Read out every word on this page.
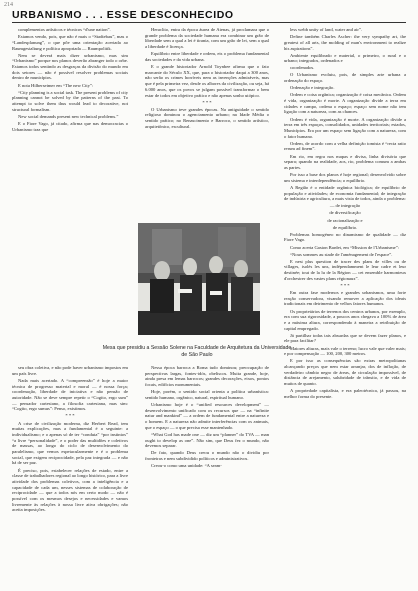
214
URBANISMO . . . ESSE DESCONHECIDO

complementos artísticos e técnicos “d'une nation”.

Estamos vendo, pois, que não é mais o “Stadtebau”, mas o “Landesplanung”, o que põe uma orientação acertada ao Raumgestaltung e política apropriada — Raumpolitik.

Nem se deverá mais dizer urbanismo, mas sim “Orbanismo” porque nos planos deverão abranger todo o orbe. Estamos todos sentindo as desgraças da divisão do mundo em dois setores — não é possível resolver problemas sociais dentro de municípios.

E nota Hilberseimer em “The new City”:

“City planning is a social task. The present problems of city planning cannot be solved by the patterns of the past. To attempt to solve them thus would lead to decorative, not structural formalism.

New social demands present new technical problems.”

E o Fiore Vago, já citado, afirma que nas democracias o Urbanismo traz que

Heraclito, entra da época áurea de Atenas, já proclamara que o grande problema da sociedade humana era combinar um grão de liberdade sem a qual a lei é tirania, com um grão de lei, sem a qual a liberdade é licença.

Equilíbrio entre liberdade e ordem, eis o problema fundamental das sociedades e da vida urbana.

E o grande historiador Arnold Toynbee afirma que o fato marcante do Século XX, que, para o historiador daqui a 300 anos, não serão os crimes horríveis nem as invenções admiráveis, mas que é pela primeira vez, desde os albores da civilização, ou seja, há 6.000 anos, que os povos se julgam possível transformar o bem estar de todos em objetivo prático e não apenas sonho utópico.

* * *

O Urbanismo teve grandes épocas. Na antiguidade o sentido religioso dominou o agenciamento urbano; na Idade Média o sentido prático; no Renascimento e Barroco, o sentido artístico, arquitetônico, escultural.

less webb unity of land, water and air”.

Define também Charles Ascher: the very sympathy art, the greatest of all arts, the molding of man's environment to realize his aspirations”.

Ambiente equilibrado e material, o primeiro, o rural e o urbano; integrados, ordenados e

coordenados.

O Urbanismo evoluiu, pois, de simples arte urbana a ordenação do espaço.

Ordenação e integração.

Ordem e coisa orgânica; organização é coisa mecânica. Ordem é vida, organização é morte. A organização divide a terra em cidades e campo, ordena o espaço; espaço sem nome não tem ligação com a natureza, com as chances.

Ordem é vida, organização é morte. A organização divide a terra em três espaços, consolidados, unidades territoriais; estados, Municípios. Era por um espaço sem ligação com a natureza, com o fator humano.

Ordem, de acordo com a velha definição tomista é “recta ratio rerum ad finem”.

Em rio, em regra nos mapas e divisa, linha divisória que separa; quando na realidade, aos, rio, problema comum a ambas as partes.

Por isso a base dos planos é hoje regional; desenvolvido sobre um sistema e interdependência; o equilíbrio.

A Região é o entidade orgânica biológica; de equilíbrio de população e atividades; de economia fundamental; de integração de indústria e agricultura, a mais vista de todos, ainda o problema:

— de integração

de diversificação

de racionalização e

de equilíbrio.

Problemas homogéneo no dinamismo de qualidade — diz Fiore Vago.

Como acerta Gaston Bardet, em “Mission de l'Urbanisme”:

“Nous sommes au stade de l'aménagement de l'espace”.

E nest plus question de tracer des plans de villes ou de villages, isolés les uns, indépendamment le leur cadre et leur destinée; tout de la lu de la Région — cet ensemble harmonieux d'orchestrer des vastes plans régionaux”.

* * *

Em outra fase modernos e grandes urbanismos, uma forte reação conservadora, visando remover a aplicação dos ideais tradicionais em detrimento de velhos fatores humanos.

Os proprietários de terrenos dos centros urbanos, por exemplo, era com sua rigorosidade, a poucos anos chegava a 100% de área e a máxima altura, correspondendo à maneira a retribuição de capital empregado.

Já partilhar todas tais absurdas que se devem fazer planos, e ele para facilitar?

Maiores alturas, mais vale o terreno; lucro vale que valer mais; e por compensação — 100, 200, 300 metros.

E por isso as consequências são extras metropolitanas alcançando preços que nem estar arranjar, dos de inflação, de verdadeiro câmbio negro de áreas, de circulação impossível, de distância de arejamento, salubridade de trânsito, e de vida de muitos de quanto.

A propriedade capitalista, e era paleotécnica, já passou, na melhor forma do presente.

Mesa que presidiu a Sessão Solene na Faculdade de Arquitetura da Universidade de São Paulo

seu obra coletiva, e não pode haver urbanismo impostos em um país livre.

Nada mais acertado. A “compreensão” é hoje a maior técnica de progresso material e moral — é nossa força; coordenação, liberdade de iniciativa e não pensão de autoridade. Não se deve sempre repetir o “Cogito, ergo sum” — pensador cartesiano, a filosofia cartesiana, mas sim: “Cogito, ergo sumus”: Penso, existimos.

* * *

A crise de civilização moderna, diz Herbert Read, tem muitas explicações, mas a fundamental é a seguinte: a individualismo; e o apenas só de ter “conduta” “por instintos” “a livre “personalidade”, e o poder das multidões e coletivos de massas, ao longo do ciclo de desenvolvimento do paralelismo, que vemos espetacularmente e é o problema social, que exigem reciprocidade, pela paz integrada — e não há de ser paz.

É preciso, pois, estabelecer relações de estado, entre a classe de trabalhadores regional ao longo histórico, para a livre atividade dos problemas coletivos, com a inteligência e a capacidade de cada um, nesses sistemas de colaboração de reciprocidade — que a todos nós em certo modo — não é possível com os mesmos desejos e necessidades e vamos livremente às relações à nossa livre ativa obrigações; não aceita imposições.

Nessa época barroca a Roma tudo dominou; preocupação de perspectivas largas, fontes-idós, obeliscos. Muita grande, hoje, ainda presa em lemas barrocos; grandes decorações, eixos, pontos focais, edifícios monumentais.

Hoje, porém, o sentido social orienta a política urbanística: sentido humano, orgânico, natural, espiritual humano.

Urbanismo hoje é o “unified resources development” — desenvolvimento unificado com os recursos que — na “infinite natur and mankind” — a ordem de fundamental entre a natureza e o homem. E a natureza não admite interferências com os animais, que o espaço — o que precisa esse mantenhado.

“What God has made one — diz um “planner” do TVA — man ought to develop as one”. Não sim, que Deus fez o mundo, não devemos separar.

De fato, quando Deus creou o mundo não o dividiu por fronteiras e nem subdividido políticos e administrativos.

Creou-o como uma unidade: “A seam-
